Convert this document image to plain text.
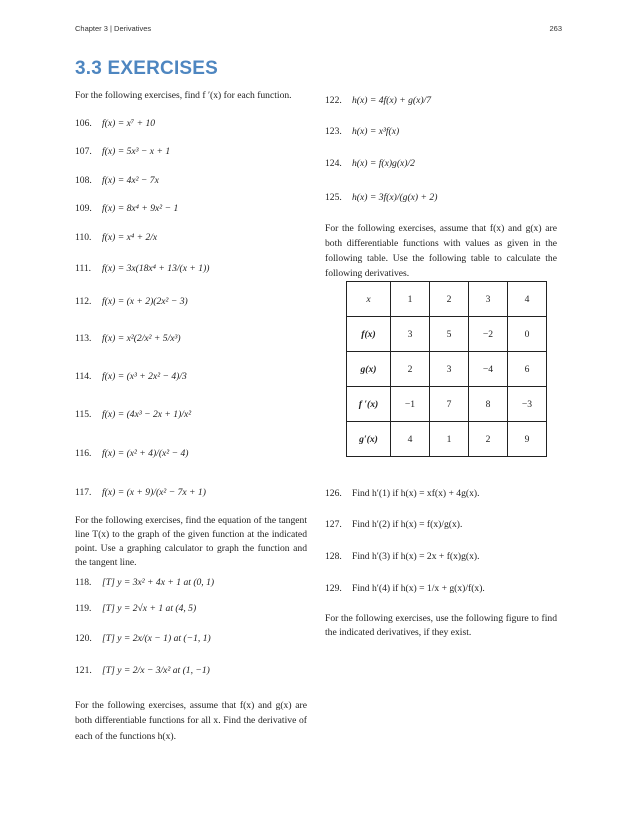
Chapter 3 | Derivatives	263
3.3 EXERCISES
For the following exercises, find f ′(x) for each function.
106. f(x) = x⁷ + 10
107. f(x) = 5x³ − x + 1
108. f(x) = 4x² − 7x
109. f(x) = 8x⁴ + 9x² − 1
110. f(x) = x⁴ + 2/x
111. f(x) = 3x(18x⁴ + 13/(x + 1))
112. f(x) = (x + 2)(2x² − 3)
113. f(x) = x²(2/x² + 5/x³)
114. f(x) = (x³ + 2x² − 4)/3
115. f(x) = (4x³ − 2x + 1)/x²
116. f(x) = (x² + 4)/(x² − 4)
117. f(x) = (x + 9)/(x² − 7x + 1)
For the following exercises, find the equation of the tangent line T(x) to the graph of the given function at the indicated point. Use a graphing calculator to graph the function and the tangent line.
118. [T] y = 3x² + 4x + 1 at (0, 1)
119. [T] y = 2√x + 1 at (4, 5)
120. [T] y = 2x/(x − 1) at (−1, 1)
121. [T] y = 2/x − 3/x² at (1, −1)
For the following exercises, assume that f(x) and g(x) are both differentiable functions for all x. Find the derivative of each of the functions h(x).
122. h(x) = 4f(x) + g(x)/7
123. h(x) = x³f(x)
124. h(x) = f(x)g(x)/2
125. h(x) = 3f(x)/(g(x) + 2)
For the following exercises, assume that f(x) and g(x) are both differentiable functions with values as given in the following table. Use the following table to calculate the following derivatives.
x	1	2	3	4
f(x)	3	5	−2	0
g(x)	2	3	−4	6
f ′(x)	−1	7	8	−3
g′(x)	4	1	2	9
126. Find h′(1) if h(x) = xf(x) + 4g(x).
127. Find h′(2) if h(x) = f(x)/g(x).
128. Find h′(3) if h(x) = 2x + f(x)g(x).
129. Find h′(4) if h(x) = 1/x + g(x)/f(x).
For the following exercises, use the following figure to find the indicated derivatives, if they exist.
